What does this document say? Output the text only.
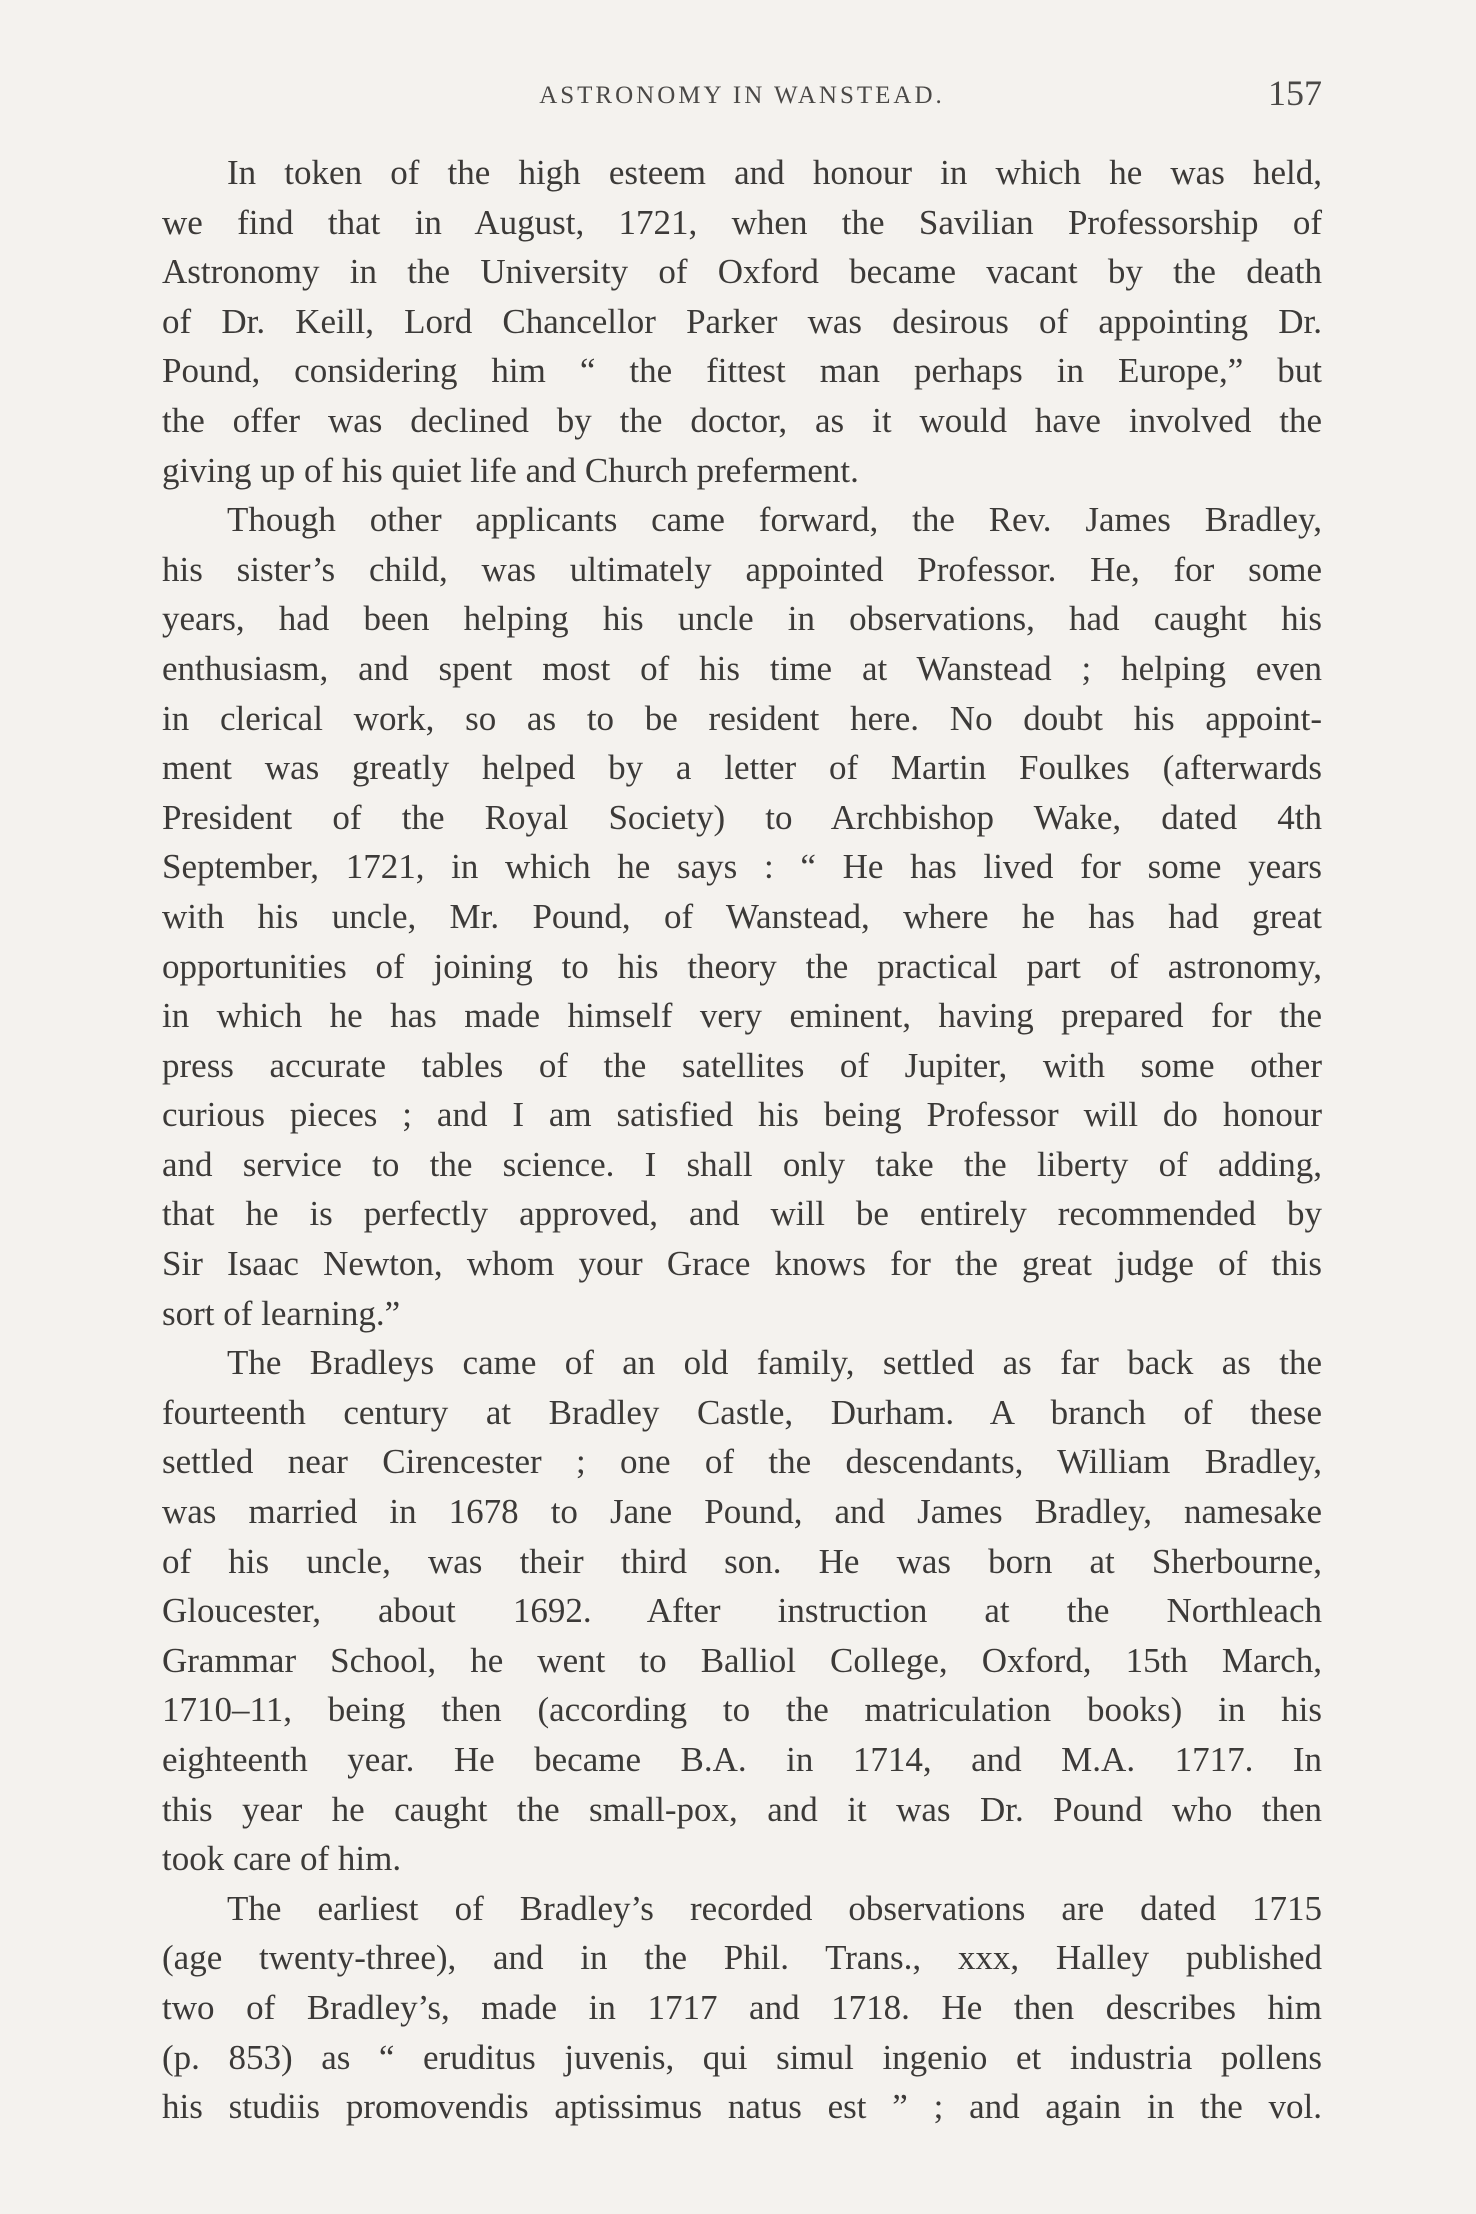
ASTRONOMY IN WANSTEAD.	157
In token of the high esteem and honour in which he was held,
we find that in August, 1721, when the Savilian Professorship of
Astronomy in the University of Oxford became vacant by the death
of Dr. Keill, Lord Chancellor Parker was desirous of appointing Dr.
Pound, considering him “ the fittest man perhaps in Europe,” but
the offer was declined by the doctor, as it would have involved the
giving up of his quiet life and Church preferment.
Though other applicants came forward, the Rev. James Bradley,
his sister’s child, was ultimately appointed Professor. He, for some
years, had been helping his uncle in observations, had caught his
enthusiasm, and spent most of his time at Wanstead ; helping even
in clerical work, so as to be resident here. No doubt his appoint-
ment was greatly helped by a letter of Martin Foulkes (afterwards
President of the Royal Society) to Archbishop Wake, dated 4th
September, 1721, in which he says : “ He has lived for some years
with his uncle, Mr. Pound, of Wanstead, where he has had great
opportunities of joining to his theory the practical part of astronomy,
in which he has made himself very eminent, having prepared for the
press accurate tables of the satellites of Jupiter, with some other
curious pieces ; and I am satisfied his being Professor will do honour
and service to the science. I shall only take the liberty of adding,
that he is perfectly approved, and will be entirely recommended by
Sir Isaac Newton, whom your Grace knows for the great judge of this
sort of learning.”
The Bradleys came of an old family, settled as far back as the
fourteenth century at Bradley Castle, Durham. A branch of these
settled near Cirencester ; one of the descendants, William Bradley,
was married in 1678 to Jane Pound, and James Bradley, namesake
of his uncle, was their third son. He was born at Sherbourne,
Gloucester, about 1692. After instruction at the Northleach
Grammar School, he went to Balliol College, Oxford, 15th March,
1710–11, being then (according to the matriculation books) in his
eighteenth year. He became B.A. in 1714, and M.A. 1717. In
this year he caught the small-pox, and it was Dr. Pound who then
took care of him.
The earliest of Bradley’s recorded observations are dated 1715
(age twenty-three), and in the Phil. Trans., xxx, Halley published
two of Bradley’s, made in 1717 and 1718. He then describes him
(p. 853) as “ eruditus juvenis, qui simul ingenio et industria pollens
his studiis promovendis aptissimus natus est ” ; and again in the vol.
